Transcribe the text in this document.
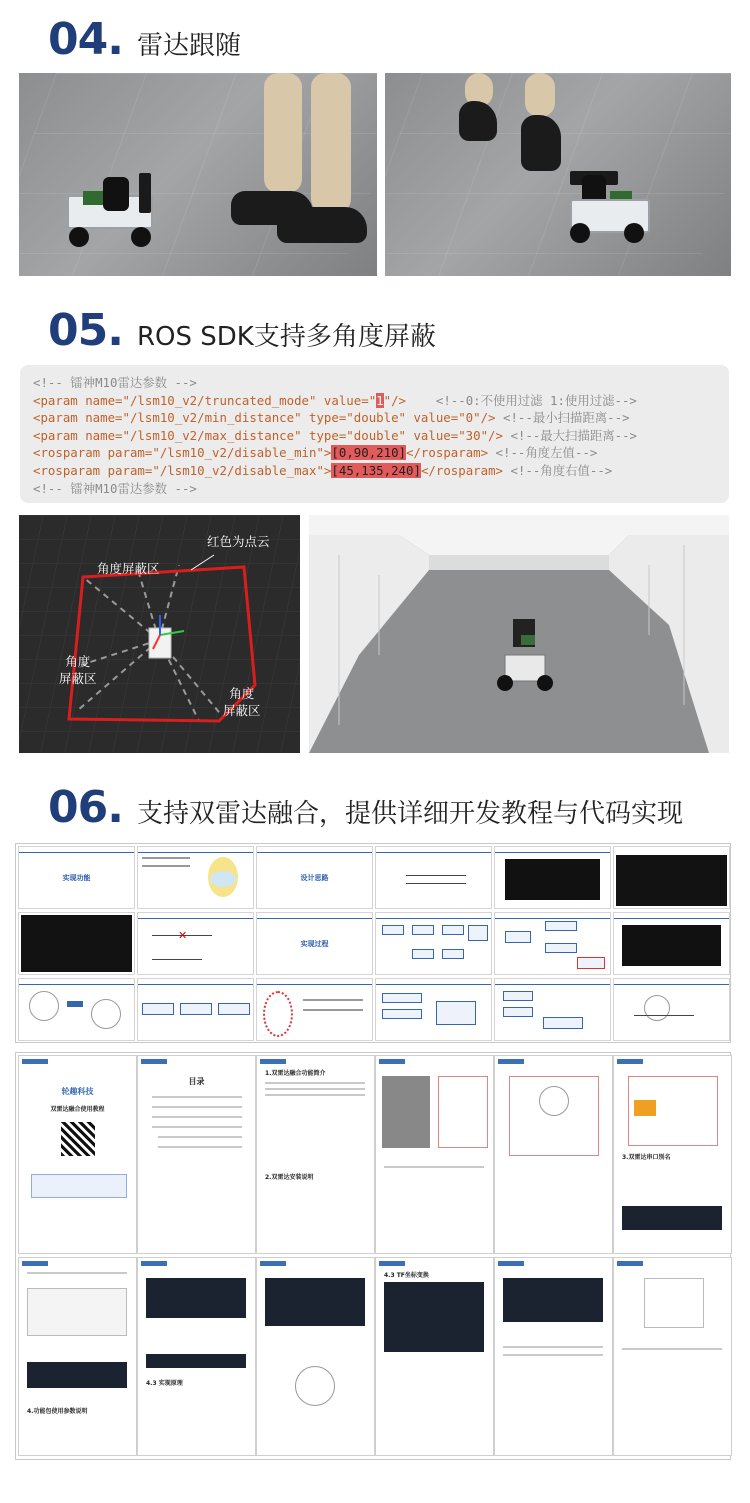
04. 雷达跟随
05. ROS SDK支持多角度屏蔽
<!-- 镭神M10雷达参数 -->
<param name="/lsm10_v2/truncated_mode" value="1"/> <!--0:不使用过滤 1:使用过滤-->
<param name="/lsm10_v2/min_distance" type="double" value="0"/> <!--最小扫描距离-->
<param name="/lsm10_v2/max_distance" type="double" value="30"/> <!--最大扫描距离-->
<rosparam param="/lsm10_v2/disable_min">[0,90,210]</rosparam> <!--角度左值-->
<rosparam param="/lsm10_v2/disable_max">[45,135,240]</rosparam> <!--角度右值-->
<!-- 镭神M10雷达参数 -->
红色为点云
角度屏蔽区
角度
屏蔽区
角度
屏蔽区
06. 支持双雷达融合，提供详细开发教程与代码实现
实现功能	设计思路
✕
实现过程
轮趣科技
双雷达融合使用教程
目录
1.双雷达融合功能简介
2.双雷达安装说明
3.双雷达串口别名
4.功能包使用参数说明
4.3 实现原理
4.3 TF坐标变换
